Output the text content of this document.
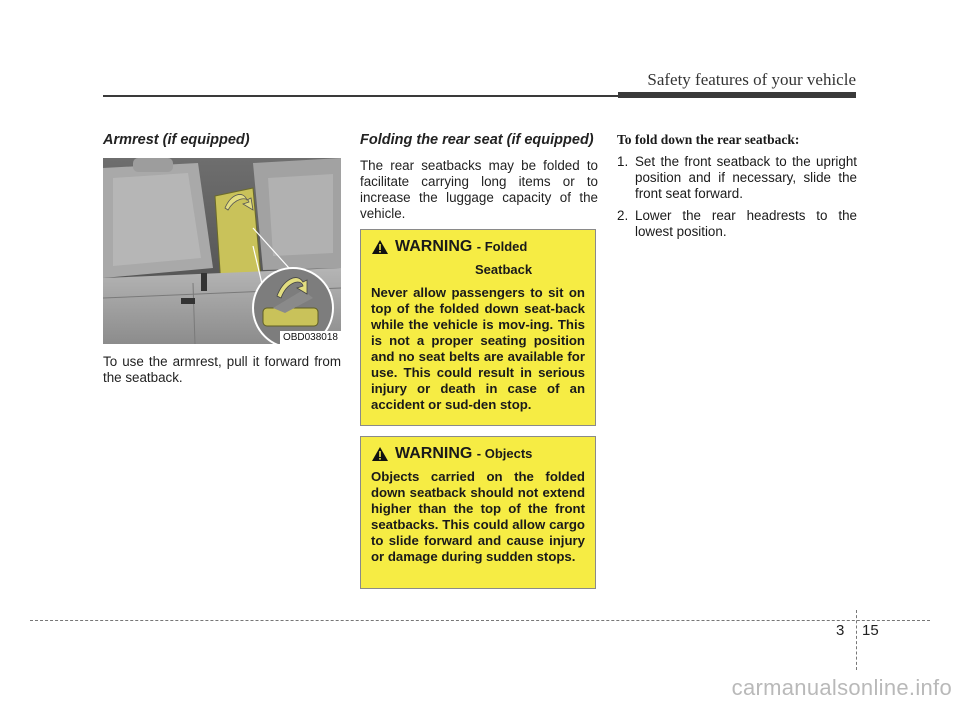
Safety features of your vehicle
Armrest (if equipped)
OBD038018

To use the armrest, pull it forward from the seatback.

Folding the rear seat (if equipped)

The rear seatbacks may be folded to facilitate carrying long items or to increase the luggage capacity of the vehicle.

WARNING - Folded
Seatback

Never allow passengers to sit on top of the folded down seat-back while the vehicle is mov-ing. This is not a proper seating position and no seat belts are available for use. This could result in serious injury or death in case of an accident or sud-den stop.

WARNING - Objects

Objects carried on the folded down seatback should not extend higher than the top of the front seatbacks. This could allow cargo to slide forward and cause injury or damage during sudden stops.

To fold down the rear seatback:
1. Set the front seatback to the upright position and if necessary, slide the front seat forward.
2. Lower the rear headrests to the lowest position.
3 15
carmanualsonline.info
